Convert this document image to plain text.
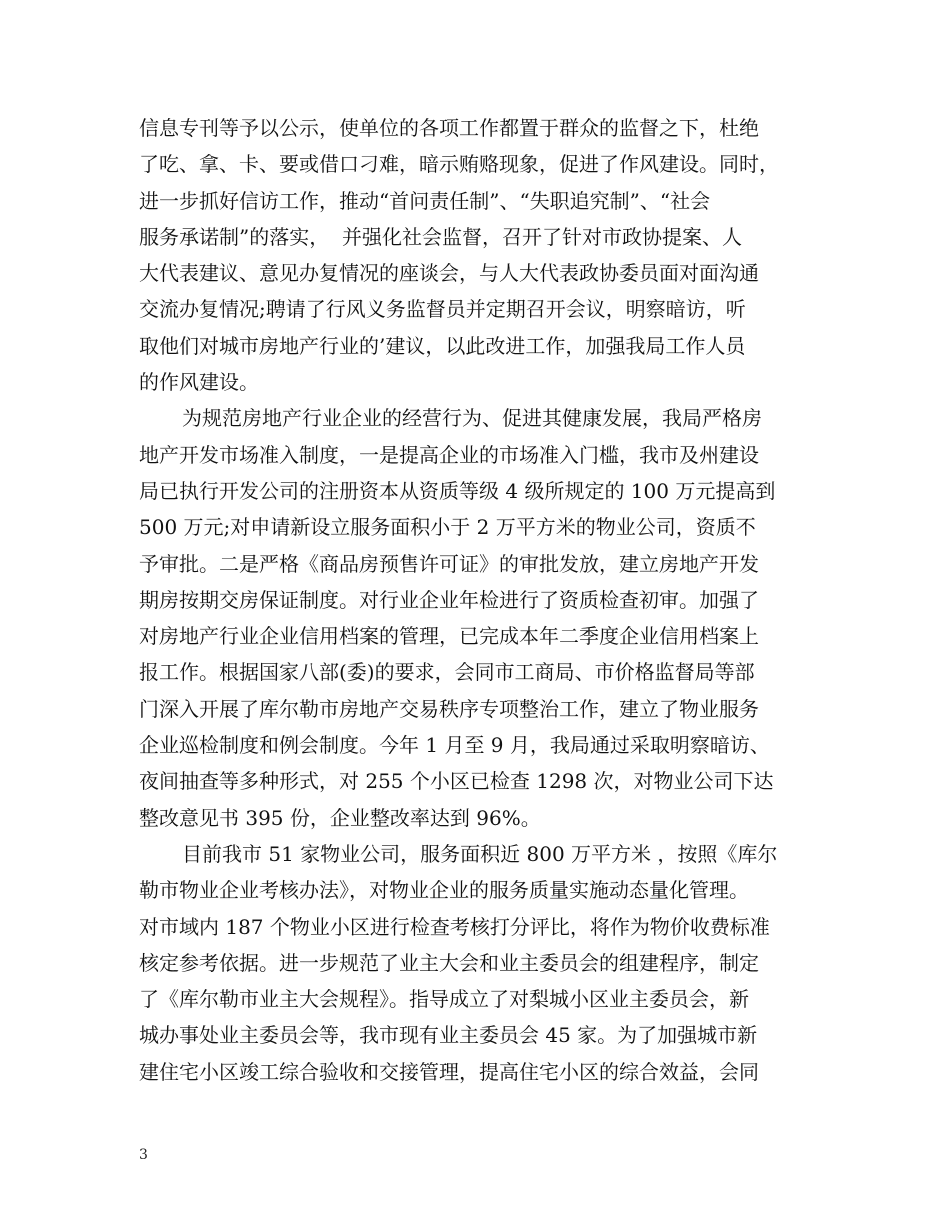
信息专刊等予以公示，使单位的各项工作都置于群众的监督之下，杜绝
了吃、拿、卡、要或借口刁难，暗示贿赂现象，促进了作风建设。同时，
进一步抓好信访工作，推动“首问责任制”、“失职追究制”、“社会
服务承诺制”的落实，  并强化社会监督，召开了针对市政协提案、人
大代表建议、意见办复情况的座谈会，与人大代表政协委员面对面沟通
交流办复情况;聘请了行风义务监督员并定期召开会议，明察暗访，听
取他们对城市房地产行业的’建议，以此改进工作，加强我局工作人员
的作风建设。
为规范房地产行业企业的经营行为、促进其健康发展，我局严格房
地产开发市场准入制度，一是提高企业的市场准入门槛，我市及州建设
局已执行开发公司的注册资本从资质等级 4 级所规定的 100 万元提高到
500 万元;对申请新设立服务面积小于 2 万平方米的物业公司，资质不
予审批。二是严格《商品房预售许可证》的审批发放，建立房地产开发
期房按期交房保证制度。对行业企业年检进行了资质检查初审。加强了
对房地产行业企业信用档案的管理，已完成本年二季度企业信用档案上
报工作。根据国家八部(委)的要求，会同市工商局、市价格监督局等部
门深入开展了库尔勒市房地产交易秩序专项整治工作，建立了物业服务
企业巡检制度和例会制度。今年 1 月至 9 月，我局通过采取明察暗访、
夜间抽查等多种形式，对 255 个小区已检查 1298 次，对物业公司下达
整改意见书 395 份，企业整改率达到 96%。
目前我市 51 家物业公司，服务面积近 800 万平方米 ，按照《库尔
勒市物业企业考核办法》，对物业企业的服务质量实施动态量化管理。
对市域内 187 个物业小区进行检查考核打分评比，将作为物价收费标准
核定参考依据。进一步规范了业主大会和业主委员会的组建程序，制定
了《库尔勒市业主大会规程》。指导成立了对梨城小区业主委员会，新
城办事处业主委员会等，我市现有业主委员会 45 家。为了加强城市新
建住宅小区竣工综合验收和交接管理，提高住宅小区的综合效益，会同
3
